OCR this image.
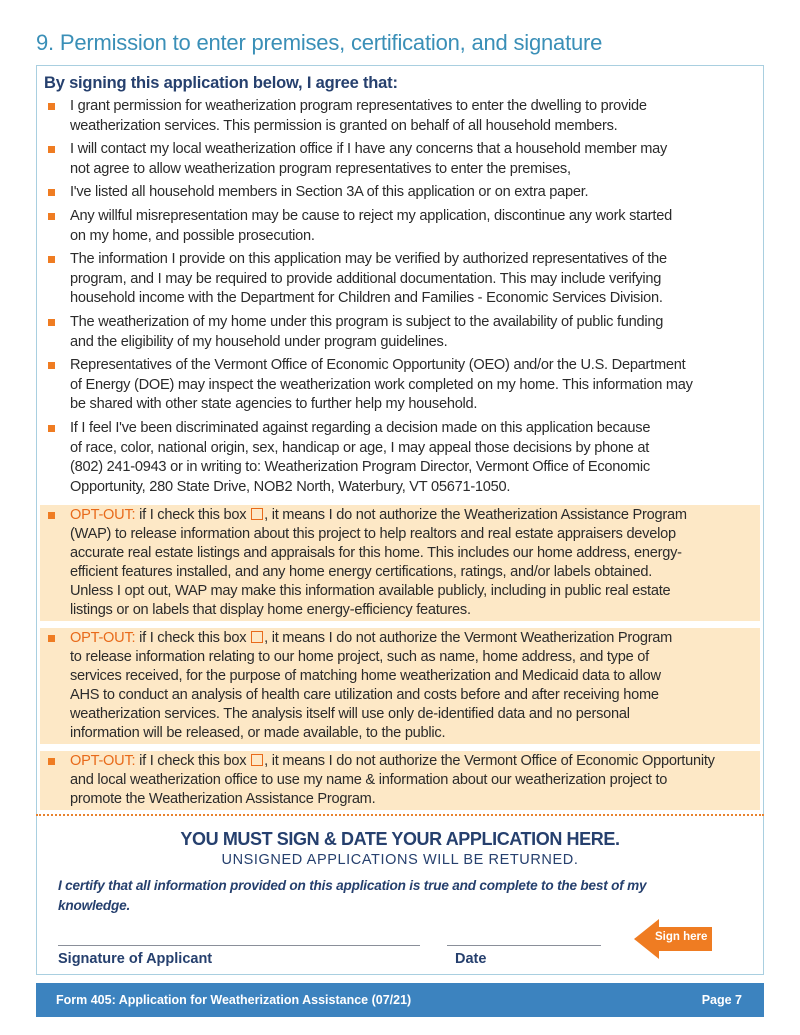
9. Permission to enter premises, certification, and signature
By signing this application below, I agree that:
I grant permission for weatherization program representatives to enter the dwelling to provide
weatherization services. This permission is granted on behalf of all household members.
I will contact my local weatherization office if I have any concerns that a household member may
not agree to allow weatherization program representatives to enter the premises,
I've listed all household members in Section 3A of this application or on extra paper.
Any willful misrepresentation may be cause to reject my application, discontinue any work started
on my home, and possible prosecution.
The information I provide on this application may be verified by authorized representatives of the
program, and I may be required to provide additional documentation. This may include verifying
household income with the Department for Children and Families - Economic Services Division.
The weatherization of my home under this program is subject to the availability of public funding
and the eligibility of my household under program guidelines.
Representatives of the Vermont Office of Economic Opportunity (OEO) and/or the U.S. Department
of Energy (DOE) may inspect the weatherization work completed on my home. This information may
be shared with other state agencies to further help my household.
If I feel I've been discriminated against regarding a decision made on this application because
of race, color, national origin, sex, handicap or age, I may appeal those decisions by phone at
(802) 241-0943 or in writing to: Weatherization Program Director, Vermont Office of Economic
Opportunity, 280 State Drive, NOB2 North, Waterbury, VT 05671-1050.
OPT-OUT: if I check this box , it means I do not authorize the Weatherization Assistance Program
(WAP) to release information about this project to help realtors and real estate appraisers develop
accurate real estate listings and appraisals for this home. This includes our home address, energy-
efficient features installed, and any home energy certifications, ratings, and/or labels obtained.
Unless I opt out, WAP may make this information available publicly, including in public real estate
listings or on labels that display home energy-efficiency features.
OPT-OUT: if I check this box , it means I do not authorize the Vermont Weatherization Program
to release information relating to our home project, such as name, home address, and type of
services received, for the purpose of matching home weatherization and Medicaid data to allow
AHS to conduct an analysis of health care utilization and costs before and after receiving home
weatherization services. The analysis itself will use only de-identified data and no personal
information will be released, or made available, to the public.
OPT-OUT: if I check this box , it means I do not authorize the Vermont Office of Economic Opportunity
and local weatherization office to use my name & information about our weatherization project to
promote the Weatherization Assistance Program.
YOU MUST SIGN & DATE YOUR APPLICATION HERE.
UNSIGNED APPLICATIONS WILL BE RETURNED.
I certify that all information provided on this application is true and complete to the best of my knowledge.
Signature of Applicant	Date
Sign here
Form 405: Application for Weatherization Assistance (07/21)	Page 7
